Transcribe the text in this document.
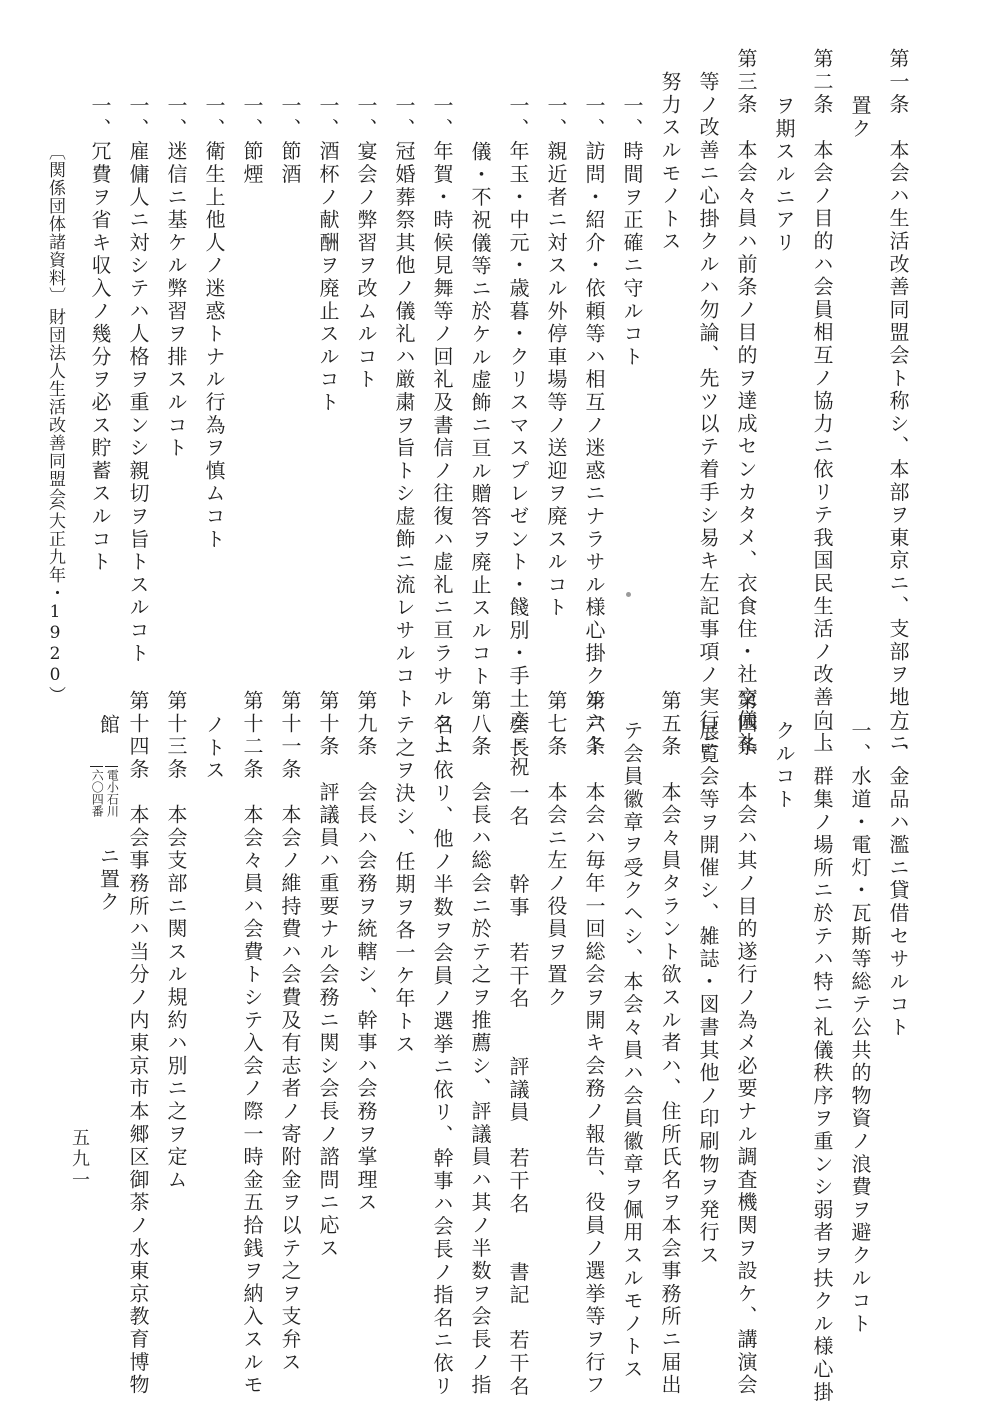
第一条　本会ハ生活改善同盟会ト称シ、本部ヲ東京ニ、支部ヲ地方ニ
置ク
第二条　本会ノ目的ハ会員相互ノ協力ニ依リテ我国民生活ノ改善向上
ヲ期スルニアリ
第三条　本会々員ハ前条ノ目的ヲ達成センカタメ、衣食住・社交儀礼
等ノ改善ニ心掛クルハ勿論、先ツ以テ着手シ易キ左記事項ノ実行ニ
努力スルモノトス
一、時間ヲ正確ニ守ルコト
一、訪問・紹介・依頼等ハ相互ノ迷惑ニナラサル様心掛クルコト
一、親近者ニ対スル外停車場等ノ送迎ヲ廃スルコト
一、年玉・中元・歳暮・クリスマスプレゼント・餞別・手土産・祝
儀・不祝儀等ニ於ケル虚飾ニ亘ル贈答ヲ廃止スルコト
一、年賀・時候見舞等ノ回礼及書信ノ往復ハ虚礼ニ亘ラサルコト
一、冠婚葬祭其他ノ儀礼ハ厳粛ヲ旨トシ虚飾ニ流レサルコト
一、宴会ノ弊習ヲ改ムルコト
一、酒杯ノ献酬ヲ廃止スルコト
一、節酒
一、節煙
一、衛生上他人ノ迷惑トナル行為ヲ慎ムコト
一、迷信ニ基ケル弊習ヲ排スルコト
一、雇傭人ニ対シテハ人格ヲ重ンシ親切ヲ旨トスルコト
一、冗費ヲ省キ収入ノ幾分ヲ必ス貯蓄スルコト
〔関係団体諸資料〕
財団法人生活改善同盟会
（大正九年・1920）
一、金品ハ濫ニ貸借セサルコト
一、水道・電灯・瓦斯等総テ公共的物資ノ浪費ヲ避クルコト
一、群集ノ場所ニ於テハ特ニ礼儀秩序ヲ重ンシ弱者ヲ扶クル様心掛
クルコト
第四条　本会ハ其ノ目的遂行ノ為メ必要ナル調査機関ヲ設ケ、講演会
展覧会等ヲ開催シ、雑誌・図書其他ノ印刷物ヲ発行ス
第五条　本会々員タラント欲スル者ハ、住所氏名ヲ本会事務所ニ届出
テ会員徽章ヲ受クヘシ、本会々員ハ会員徽章ヲ佩用スルモノトス
第六条　本会ハ毎年一回総会ヲ開キ会務ノ報告、役員ノ選挙等ヲ行フ
第七条　本会ニ左ノ役員ヲ置ク
会長　一名　　幹事　若干名　　評議員　若干名　　書記　若干名
第八条　会長ハ総会ニ於テ之ヲ推薦シ、評議員ハ其ノ半数ヲ会長ノ指
名ニ依リ、他ノ半数ヲ会員ノ選挙ニ依リ、幹事ハ会長ノ指名ニ依リ
テ之ヲ決シ、任期ヲ各一ケ年トス
第九条　会長ハ会務ヲ統轄シ、幹事ハ会務ヲ掌理ス
第十条　評議員ハ重要ナル会務ニ関シ会長ノ諮問ニ応ス
第十一条　本会ノ維持費ハ会費及有志者ノ寄附金ヲ以テ之ヲ支弁ス
第十二条　本会々員ハ会費トシテ入会ノ際一時金五拾銭ヲ納入スルモ
ノトス
第十三条　本会支部ニ関スル規約ハ別ニ之ヲ定ム
第十四条　本会事務所ハ当分ノ内東京市本郷区御茶ノ水東京教育博物
館
電小石川
六〇四番
ニ置ク
五九一
